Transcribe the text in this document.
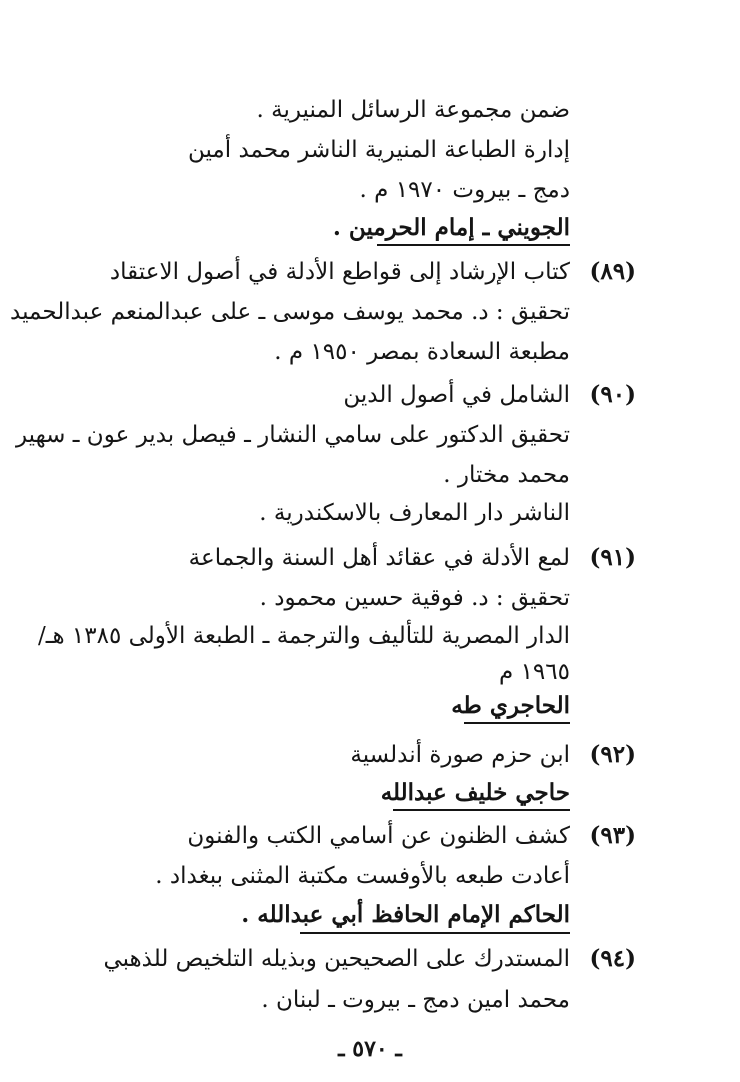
ضمن مجموعة الرسائل المنيرية .
إدارة الطباعة المنيرية الناشر محمد أمين
دمج ـ بيروت ١٩٧٠ م .
الجويني ـ إمام الحرمين .
(٨٩)
كتاب الإرشاد إلى قواطع الأدلة في أصول الاعتقاد
تحقيق : د. محمد يوسف موسى ـ على عبدالمنعم عبدالحميد
مطبعة السعادة بمصر ١٩٥٠ م .
(٩٠)
الشامل في أصول الدين
تحقيق الدكتور على سامي النشار ـ فيصل بدير عون ـ سهير
محمد مختار .
الناشر دار المعارف بالاسكندرية .
(٩١)
لمع الأدلة في عقائد أهل السنة والجماعة
تحقيق : د. فوقية حسين محمود .
الدار المصرية للتأليف والترجمة ـ الطبعة الأولى ١٣٨٥ هـ/
١٩٦٥ م
الحاجري طه
(٩٢)
ابن حزم صورة أندلسية
حاجي خليف عبدالله
(٩٣)
كشف الظنون عن أسامي الكتب والفنون
أعادت طبعه بالأوفست مكتبة المثنى ببغداد .
الحاكم الإمام الحافظ أبي عبدالله .
(٩٤)
المستدرك على الصحيحين وبذيله التلخيص للذهبي
محمد امين دمج ـ بيروت ـ لبنان .
ـ ٥٧٠ ـ
